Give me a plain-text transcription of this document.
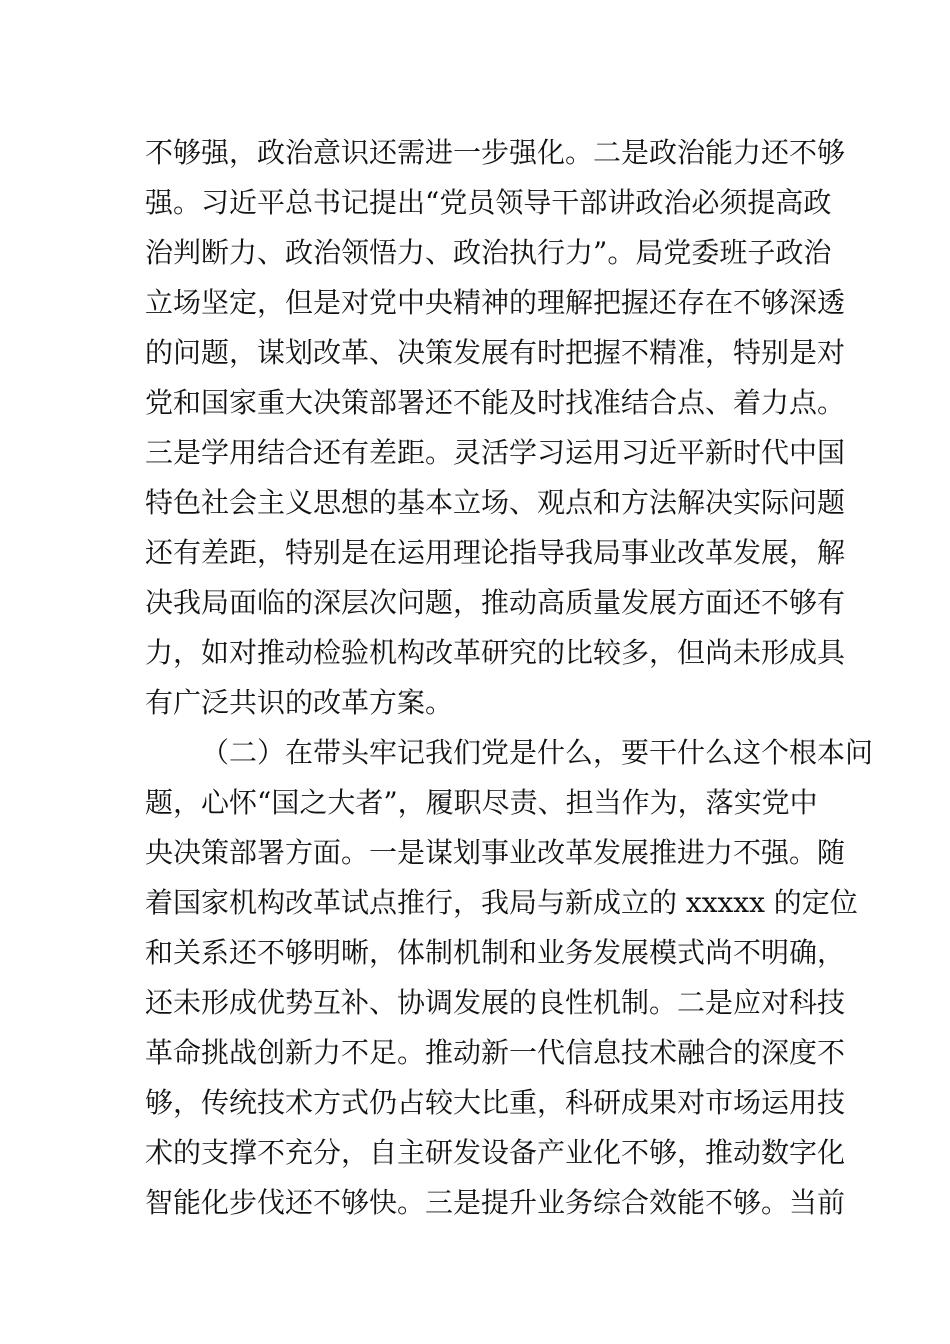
不够强，政治意识还需进一步强化。二是政治能力还不够
强。习近平总书记提出“党员领导干部讲政治必须提高政
治判断力、政治领悟力、政治执行力”。局党委班子政治
立场坚定，但是对党中央精神的理解把握还存在不够深透
的问题，谋划改革、决策发展有时把握不精准，特别是对
党和国家重大决策部署还不能及时找准结合点、着力点。
三是学用结合还有差距。灵活学习运用习近平新时代中国
特色社会主义思想的基本立场、观点和方法解决实际问题
还有差距，特别是在运用理论指导我局事业改革发展，解
决我局面临的深层次问题，推动高质量发展方面还不够有
力，如对推动检验机构改革研究的比较多，但尚未形成具
有广泛共识的改革方案。
（二）在带头牢记我们党是什么，要干什么这个根本问
题，心怀“国之大者”，履职尽责、担当作为，落实党中
央决策部署方面。一是谋划事业改革发展推进力不强。随
着国家机构改革试点推行，我局与新成立的 xxxxx 的定位
和关系还不够明晰，体制机制和业务发展模式尚不明确，
还未形成优势互补、协调发展的良性机制。二是应对科技
革命挑战创新力不足。推动新一代信息技术融合的深度不
够，传统技术方式仍占较大比重，科研成果对市场运用技
术的支撑不充分，自主研发设备产业化不够，推动数字化
智能化步伐还不够快。三是提升业务综合效能不够。当前
